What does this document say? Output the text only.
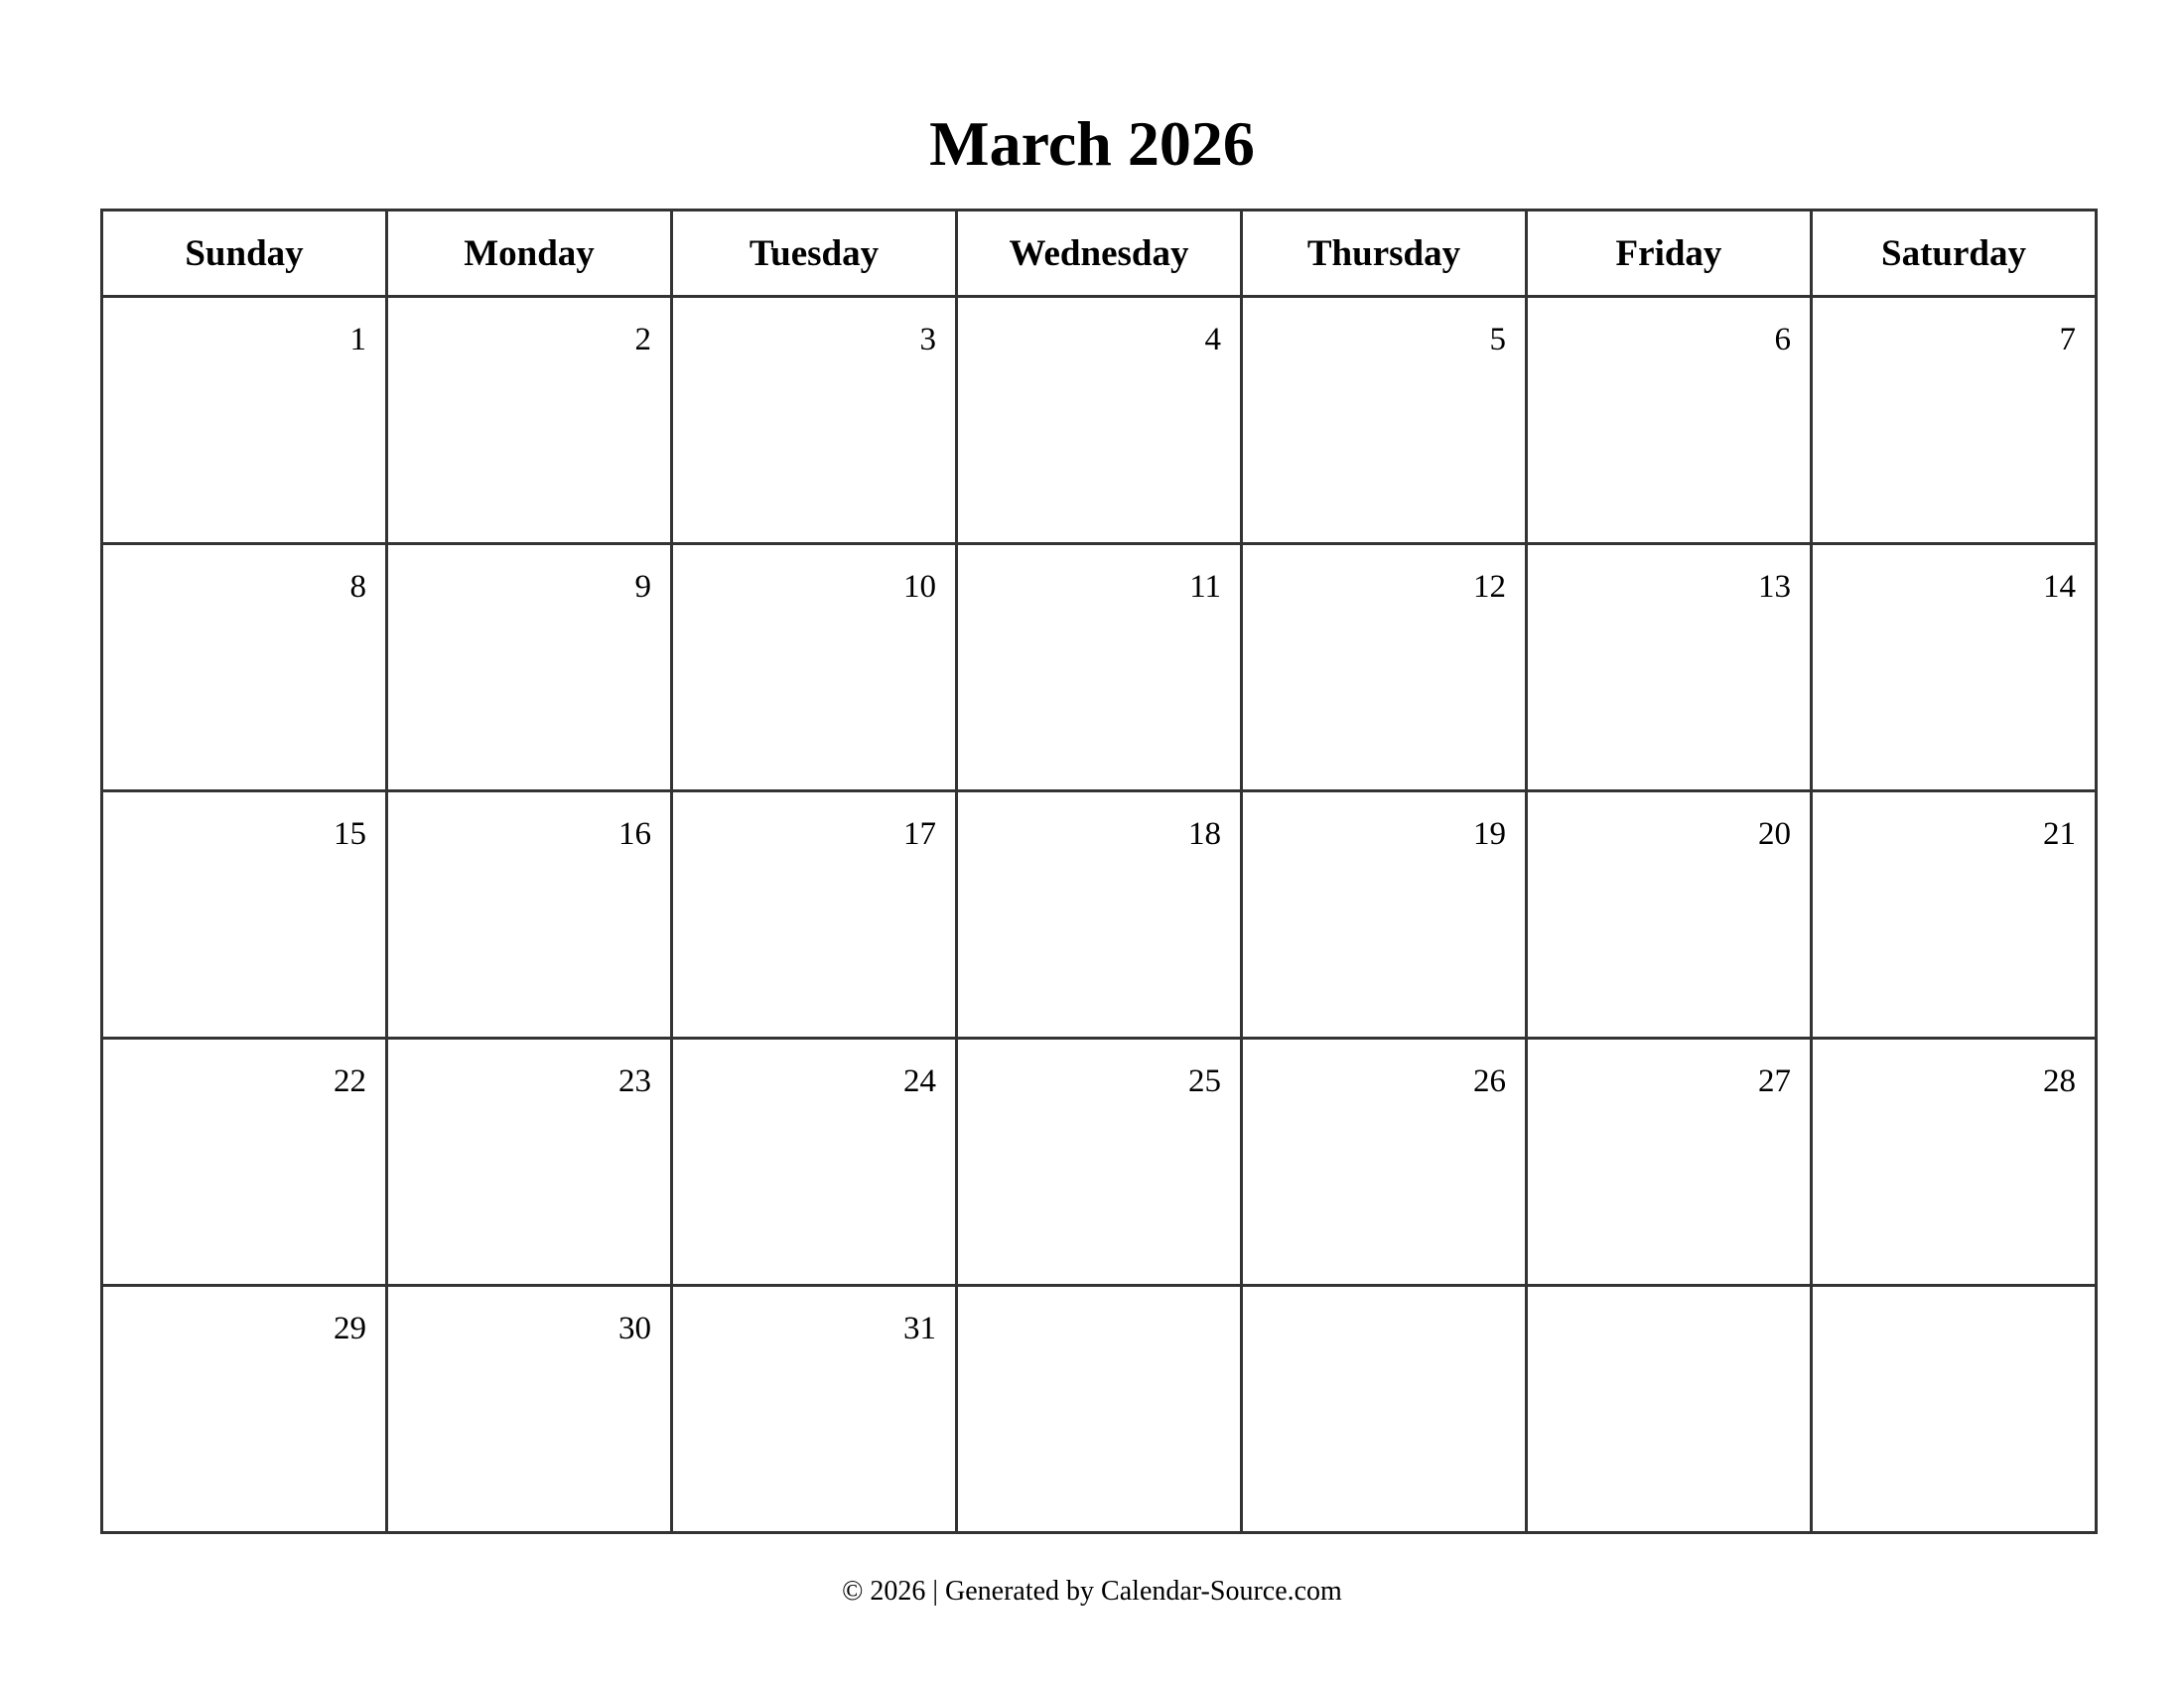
March 2026
Sunday	Monday	Tuesday	Wednesday	Thursday	Friday	Saturday

1	2	3	4	5	6	7

8	9	10	11	12	13	14

15	16	17	18	19	20	21

22	23	24	25	26	27	28

29	30	31				

© 2026 | Generated by Calendar-Source.com
